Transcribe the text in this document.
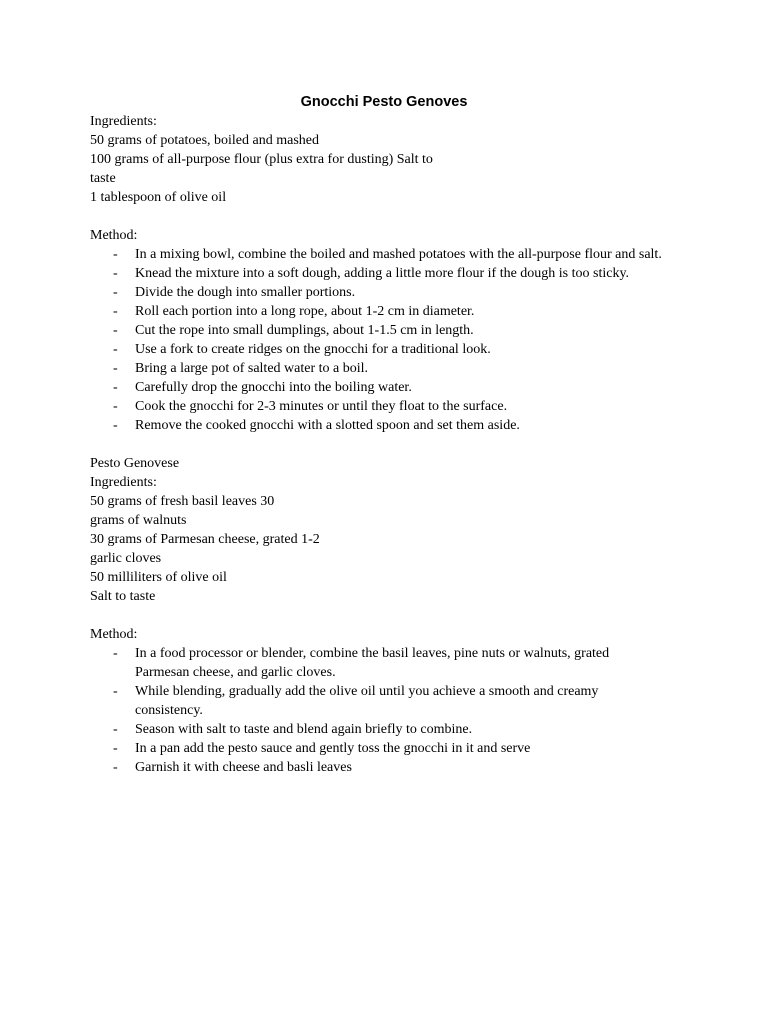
Gnocchi Pesto Genoves
Ingredients:
50 grams of potatoes, boiled and mashed
100 grams of all-purpose flour (plus extra for dusting) Salt to
taste
1 tablespoon of olive oil
Method:
- In a mixing bowl, combine the boiled and mashed potatoes with the all-purpose flour and salt.
- Knead the mixture into a soft dough, adding a little more flour if the dough is too sticky.
- Divide the dough into smaller portions.
- Roll each portion into a long rope, about 1-2 cm in diameter.
- Cut the rope into small dumplings, about 1-1.5 cm in length.
- Use a fork to create ridges on the gnocchi for a traditional look.
- Bring a large pot of salted water to a boil.
- Carefully drop the gnocchi into the boiling water.
- Cook the gnocchi for 2-3 minutes or until they float to the surface.
- Remove the cooked gnocchi with a slotted spoon and set them aside.
Pesto Genovese
Ingredients:
50 grams of fresh basil leaves 30
grams of walnuts
30 grams of Parmesan cheese, grated 1-2
garlic cloves
50 milliliters of olive oil
Salt to taste
Method:
- In a food processor or blender, combine the basil leaves, pine nuts or walnuts, grated
Parmesan cheese, and garlic cloves.
- While blending, gradually add the olive oil until you achieve a smooth and creamy
consistency.
- Season with salt to taste and blend again briefly to combine.
- In a pan add the pesto sauce and gently toss the gnocchi in it and serve
- Garnish it with cheese and basli leaves
